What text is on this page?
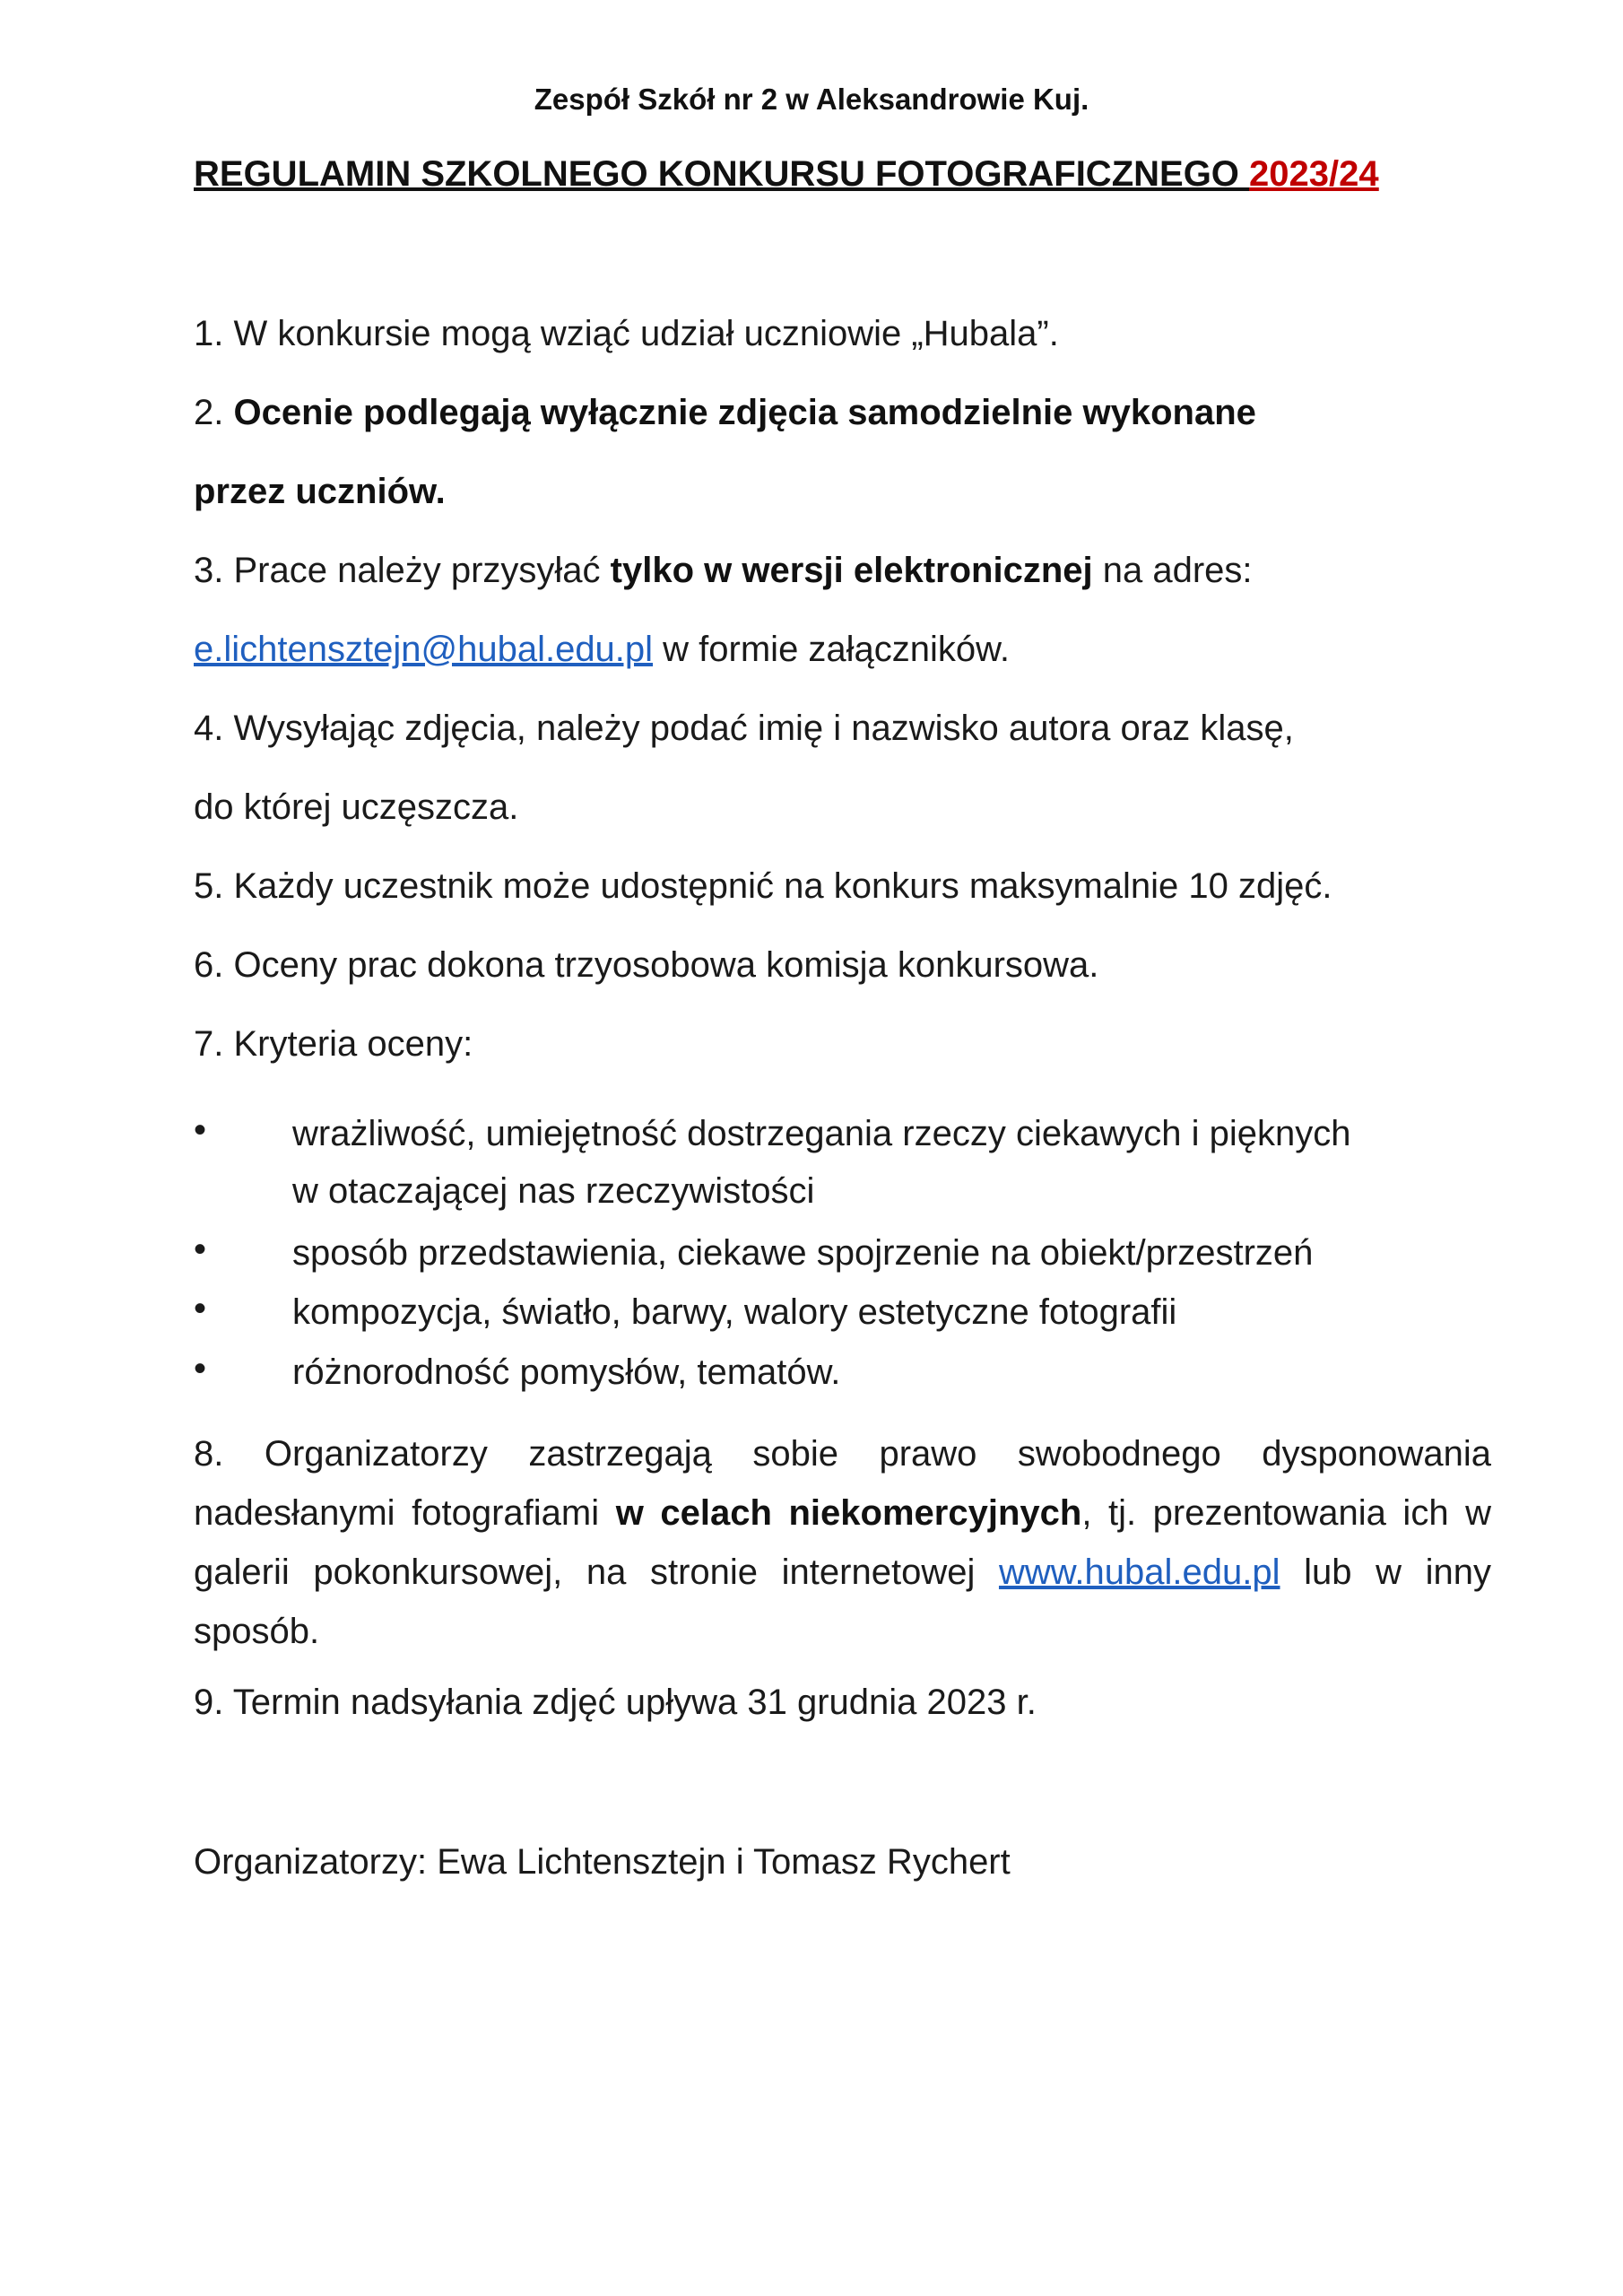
Zespół Szkół nr 2 w Aleksandrowie Kuj.
REGULAMIN SZKOLNEGO KONKURSU FOTOGRAFICZNEGO 2023/24
1. W konkursie mogą wziąć udział uczniowie „Hubala”.
2. Ocenie podlegają wyłącznie zdjęcia samodzielnie wykonane
przez uczniów.
3. Prace należy przysyłać tylko w wersji elektronicznej na adres:
e.lichtensztejn@hubal.edu.pl w formie załączników.
4. Wysyłając zdjęcia, należy podać imię i nazwisko autora oraz klasę,
do której uczęszcza.
5. Każdy uczestnik może udostępnić na konkurs maksymalnie 10 zdjęć.
6. Oceny prac dokona trzyosobowa komisja konkursowa.
7. Kryteria oceny:
• wrażliwość, umiejętność dostrzegania rzeczy ciekawych i pięknych
w otaczającej nas rzeczywistości
• sposób przedstawienia, ciekawe spojrzenie na obiekt/przestrzeń
• kompozycja, światło, barwy, walory estetyczne fotografii
• różnorodność pomysłów, tematów.
8. Organizatorzy zastrzegają sobie prawo swobodnego dysponowania nadesłanymi fotografiami w celach niekomercyjnych, tj. prezentowania ich w galerii pokonkursowej, na stronie internetowej www.hubal.edu.pl lub w inny sposób.
9. Termin nadsyłania zdjęć upływa 31 grudnia 2023 r.
Organizatorzy: Ewa Lichtensztejn i Tomasz Rychert
